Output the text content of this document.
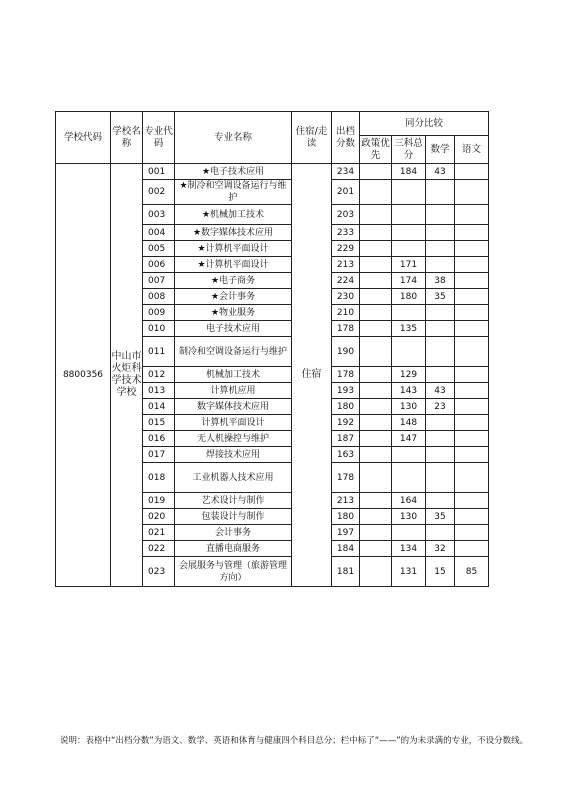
学校代码	学校名称	专业代码	专业名称	住宿/走读	出档分数	同分比较			
						政策优先	三科总分	数学	语文
8800356	中山市火炬科学技术学校	001	★电子技术应用	住宿	234		184	43	
		002	★制冷和空调设备运行与维护		201				
		003	★机械加工技术		203				
		004	★数字媒体技术应用		233				
		005	★计算机平面设计		229				
		006	★计算机平面设计		213		171		
		007	★电子商务		224		174	38	
		008	★会计事务		230		180	35	
		009	★物业服务		210				
		010	电子技术应用		178		135		
		011	制冷和空调设备运行与维护		190				
		012	机械加工技术		178		129		
		013	计算机应用		193		143	43	
		014	数字媒体技术应用		180		130	23	
		015	计算机平面设计		192		148		
		016	无人机操控与维护		187		147		
		017	焊接技术应用		163				
		018	工业机器人技术应用		178				
		019	艺术设计与制作		213		164		
		020	包装设计与制作		180		130	35	
		021	会计事务		197				
		022	直播电商服务		184		134	32	
		023	会展服务与管理（旅游管理方向）		181		131	15	85
说明：表格中“出档分数”为语文、数学、英语和体育与健康四个科目总分；栏中标了“——”的为未录满的专业，不设分数线。
